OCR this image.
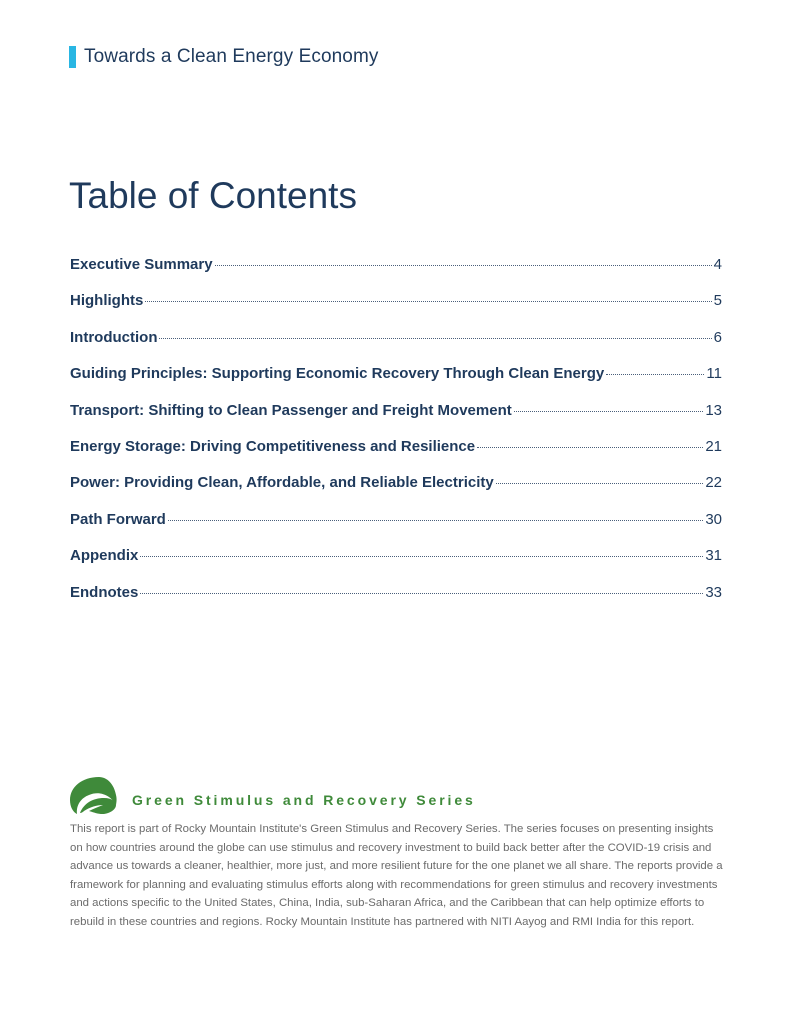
Towards a Clean Energy Economy
Table of Contents
Executive Summary	4
Highlights	5
Introduction	6
Guiding Principles: Supporting Economic Recovery Through Clean Energy	11
Transport: Shifting to Clean Passenger and Freight Movement	13
Energy Storage: Driving Competitiveness and Resilience	21
Power: Providing Clean, Affordable, and Reliable Electricity	22
Path Forward	30
Appendix	31
Endnotes	33
Green Stimulus and Recovery Series

This report is part of Rocky Mountain Institute's Green Stimulus and Recovery Series. The series focuses on presenting insights on how countries around the globe can use stimulus and recovery investment to build back better after the COVID-19 crisis and advance us towards a cleaner, healthier, more just, and more resilient future for the one planet we all share. The reports provide a framework for planning and evaluating stimulus efforts along with recommendations for green stimulus and recovery investments and actions specific to the United States, China, India, sub-Saharan Africa, and the Caribbean that can help optimize efforts to rebuild in these countries and regions. Rocky Mountain Institute has partnered with NITI Aayog and RMI India for this report.
